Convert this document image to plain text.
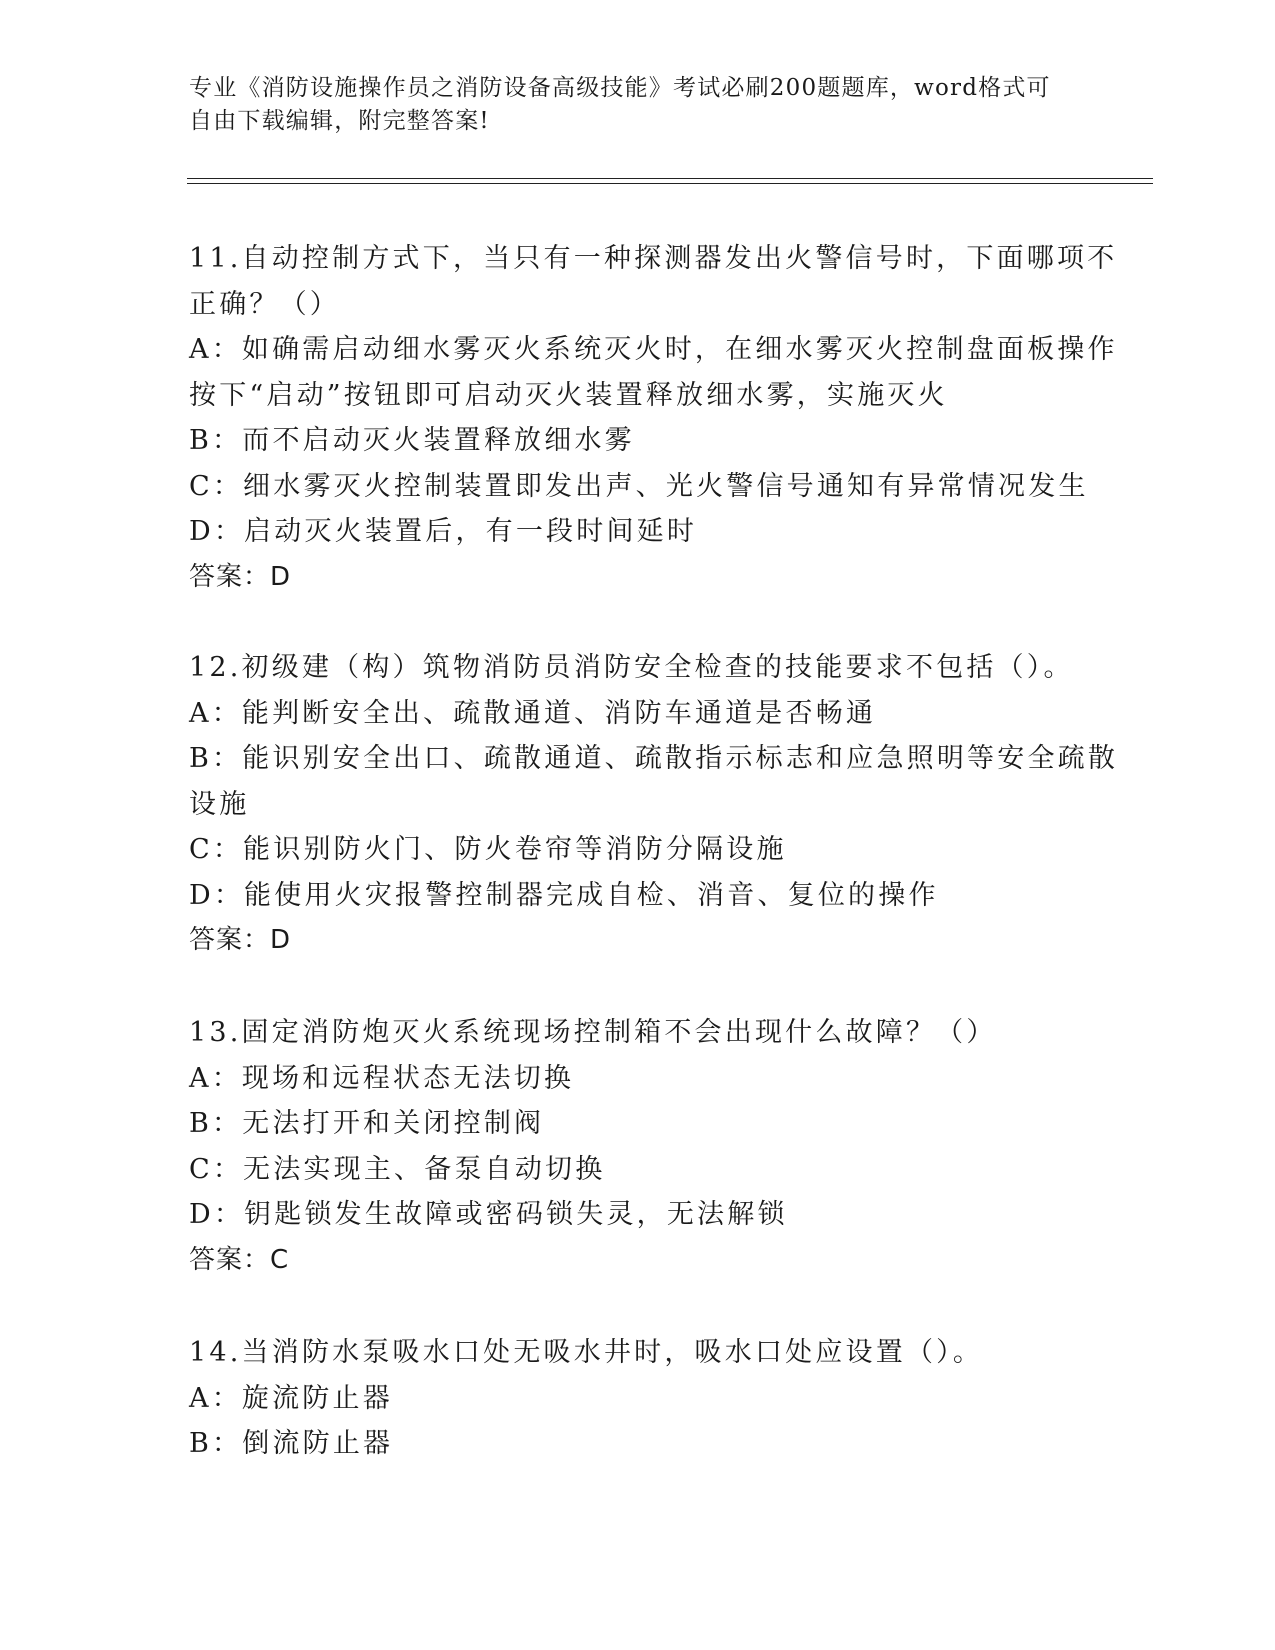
专业《消防设施操作员之消防设备高级技能》考试必刷200题题库，word格式可
自由下载编辑，附完整答案!
11.自动控制方式下，当只有一种探测器发出火警信号时，下面哪项不
正确？（）
A：如确需启动细水雾灭火系统灭火时，在细水雾灭火控制盘面板操作
按下“启动”按钮即可启动灭火装置释放细水雾，实施灭火
B：而不启动灭火装置释放细水雾
C：细水雾灭火控制装置即发出声、光火警信号通知有异常情况发生
D：启动灭火装置后，有一段时间延时
答案：D
12.初级建（构）筑物消防员消防安全检查的技能要求不包括（）。
A：能判断安全出、疏散通道、消防车通道是否畅通
B：能识别安全出口、疏散通道、疏散指示标志和应急照明等安全疏散
设施
C：能识别防火门、防火卷帘等消防分隔设施
D：能使用火灾报警控制器完成自检、消音、复位的操作
答案：D
13.固定消防炮灭火系统现场控制箱不会出现什么故障？（）
A：现场和远程状态无法切换
B：无法打开和关闭控制阀
C：无法实现主、备泵自动切换
D：钥匙锁发生故障或密码锁失灵，无法解锁
答案：C
14.当消防水泵吸水口处无吸水井时，吸水口处应设置（）。
A：旋流防止器
B：倒流防止器
